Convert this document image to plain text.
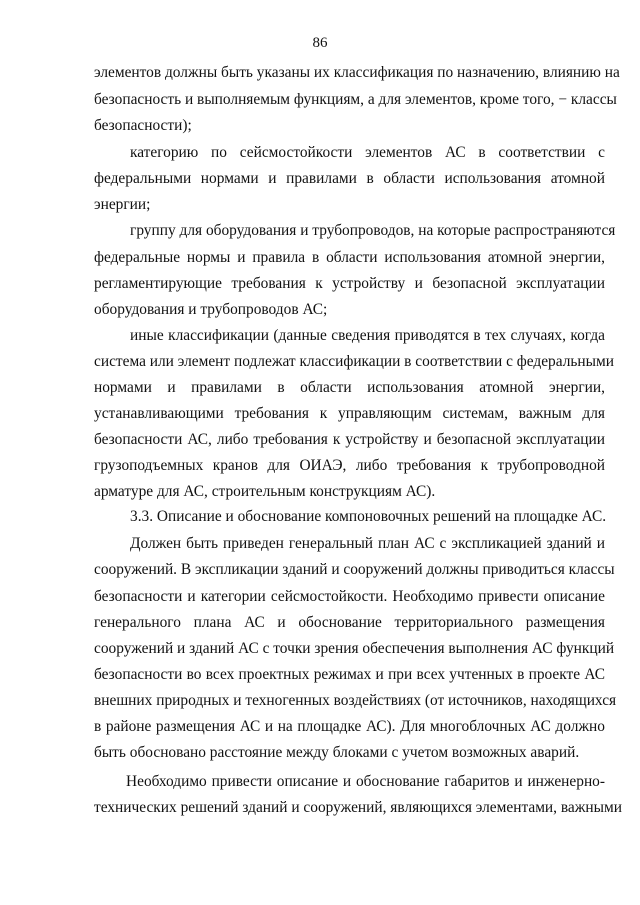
86
элементов должны быть указаны их классификация по назначению, влиянию на
безопасность и выполняемым функциям, а для элементов, кроме того, − классы
безопасности);
категорию по сейсмостойкости элементов АС в соответствии с
федеральными нормами и правилами в области использования атомной
энергии;
группу для оборудования и трубопроводов, на которые распространяются
федеральные нормы и правила в области использования атомной энергии,
регламентирующие требования к устройству и безопасной эксплуатации
оборудования и трубопроводов АС;
иные классификации (данные сведения приводятся в тех случаях, когда
система или элемент подлежат классификации в соответствии с федеральными
нормами и правилами в области использования атомной энергии,
устанавливающими требования к управляющим системам, важным для
безопасности АС, либо требования к устройству и безопасной эксплуатации
грузоподъемных кранов для ОИАЭ, либо требования к трубопроводной
арматуре для АС, строительным конструкциям АС).
3.3. Описание и обоснование компоновочных решений на площадке АС.
Должен быть приведен генеральный план АС с экспликацией зданий и
сооружений. В экспликации зданий и сооружений должны приводиться классы
безопасности и категории сейсмостойкости. Необходимо привести описание
генерального плана АС и обоснование территориального размещения
сооружений и зданий АС с точки зрения обеспечения выполнения АС функций
безопасности во всех проектных режимах и при всех учтенных в проекте АС
внешних природных и техногенных воздействиях (от источников, находящихся
в районе размещения АС и на площадке АС). Для многоблочных АС должно
быть обосновано расстояние между блоками с учетом возможных аварий.
Необходимо привести описание и обоснование габаритов и инженерно-
технических решений зданий и сооружений, являющихся элементами, важными
